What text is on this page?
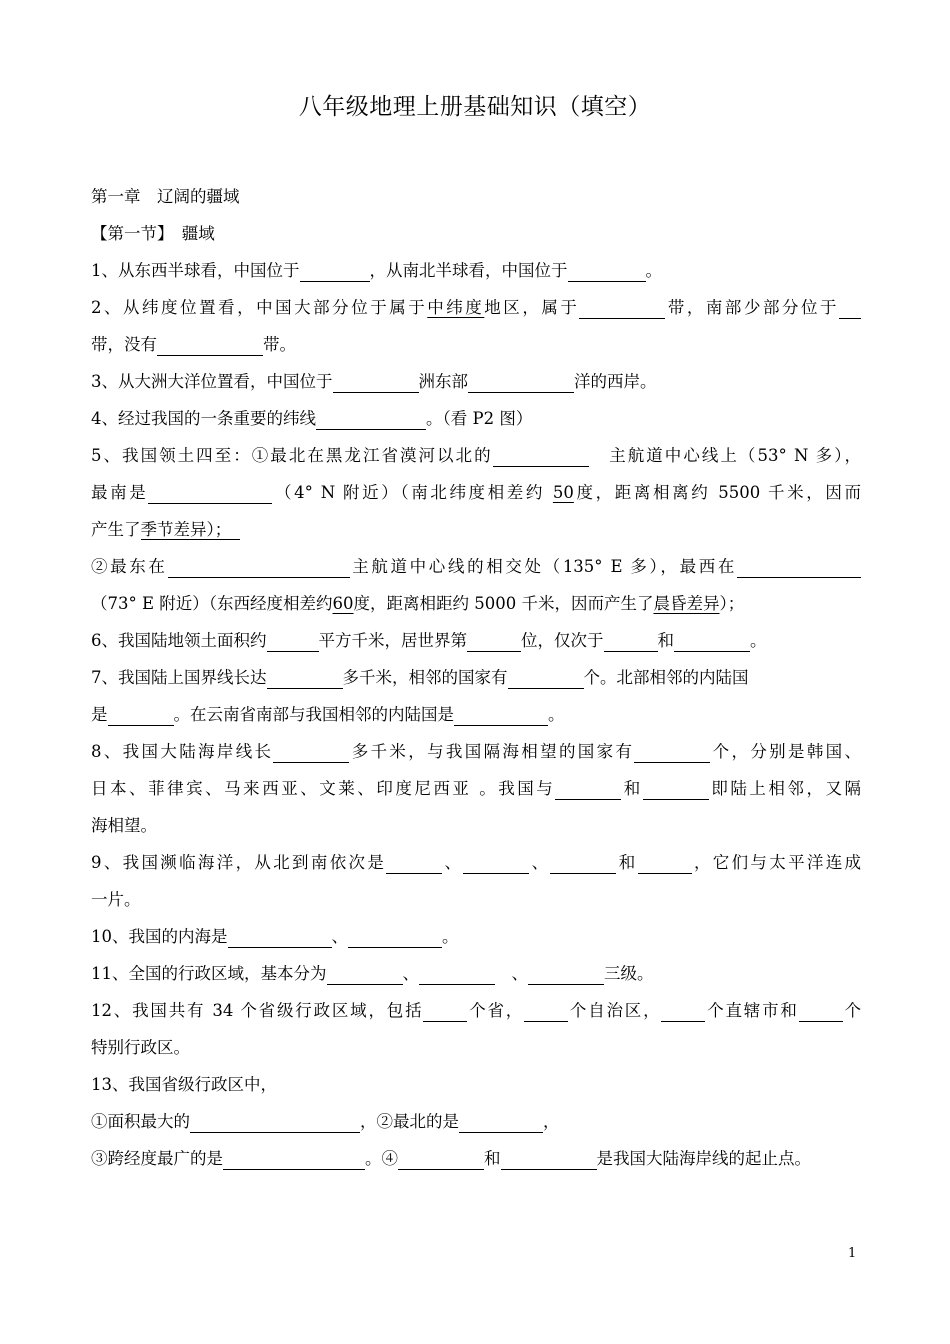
八年级地理上册基础知识（填空）
第一章　辽阔的疆域
【第一节】　疆域
1、从东西半球看，中国位于	，从南北半球看，中国位于	。
2、从纬度位置看，中国大部分位于属于中纬度地区，属于	带，南部少部分位于
带，没有	带。
3、从大洲大洋位置看，中国位于	洲东部	洋的西岸。
4、经过我国的一条重要的纬线	。（看 P2 图）
5、我国领土四至：①最北在黑龙江省漠河以北的　	主航道中心线上（53° N 多），
最南是	（4° N 附近）（南北纬度相差约 50度，距离相离约 5500 千米，因而
产生了季节差异）； 
②最东在	主航道中心线的相交处（135° E 多），最西在
（73° E 附近）（东西经度相差约60度，距离相距约 5000 千米，因而产生了晨昏差异）；
6、我国陆地领土面积约	平方千米，居世界第	位，仅次于	和	。
7、我国陆上国界线长达	多千米，相邻的国家有	个。北部相邻的内陆国
是	。在云南省南部与我国相邻的内陆国是	。
8、我国大陆海岸线长	多千米，与我国隔海相望的国家有	个，分别是韩国、
日本、菲律宾、马来西亚、文莱、印度尼西亚 。我国与	和	即陆上相邻，又隔
海相望。
9、我国濒临海洋，从北到南依次是	、	、	和	，它们与太平洋连成
一片。
10、我国的内海是	、	。
11、全国的行政区域，基本分为	、	　、	三级。
12、我国共有 34 个省级行政区域，包括	个省，	个自治区，	个直辖市和	个
特别行政区。
13、我国省级行政区中，
①面积最大的	，②最北的是	，
③跨经度最广的是	。④	和	是我国大陆海岸线的起止点。
1
